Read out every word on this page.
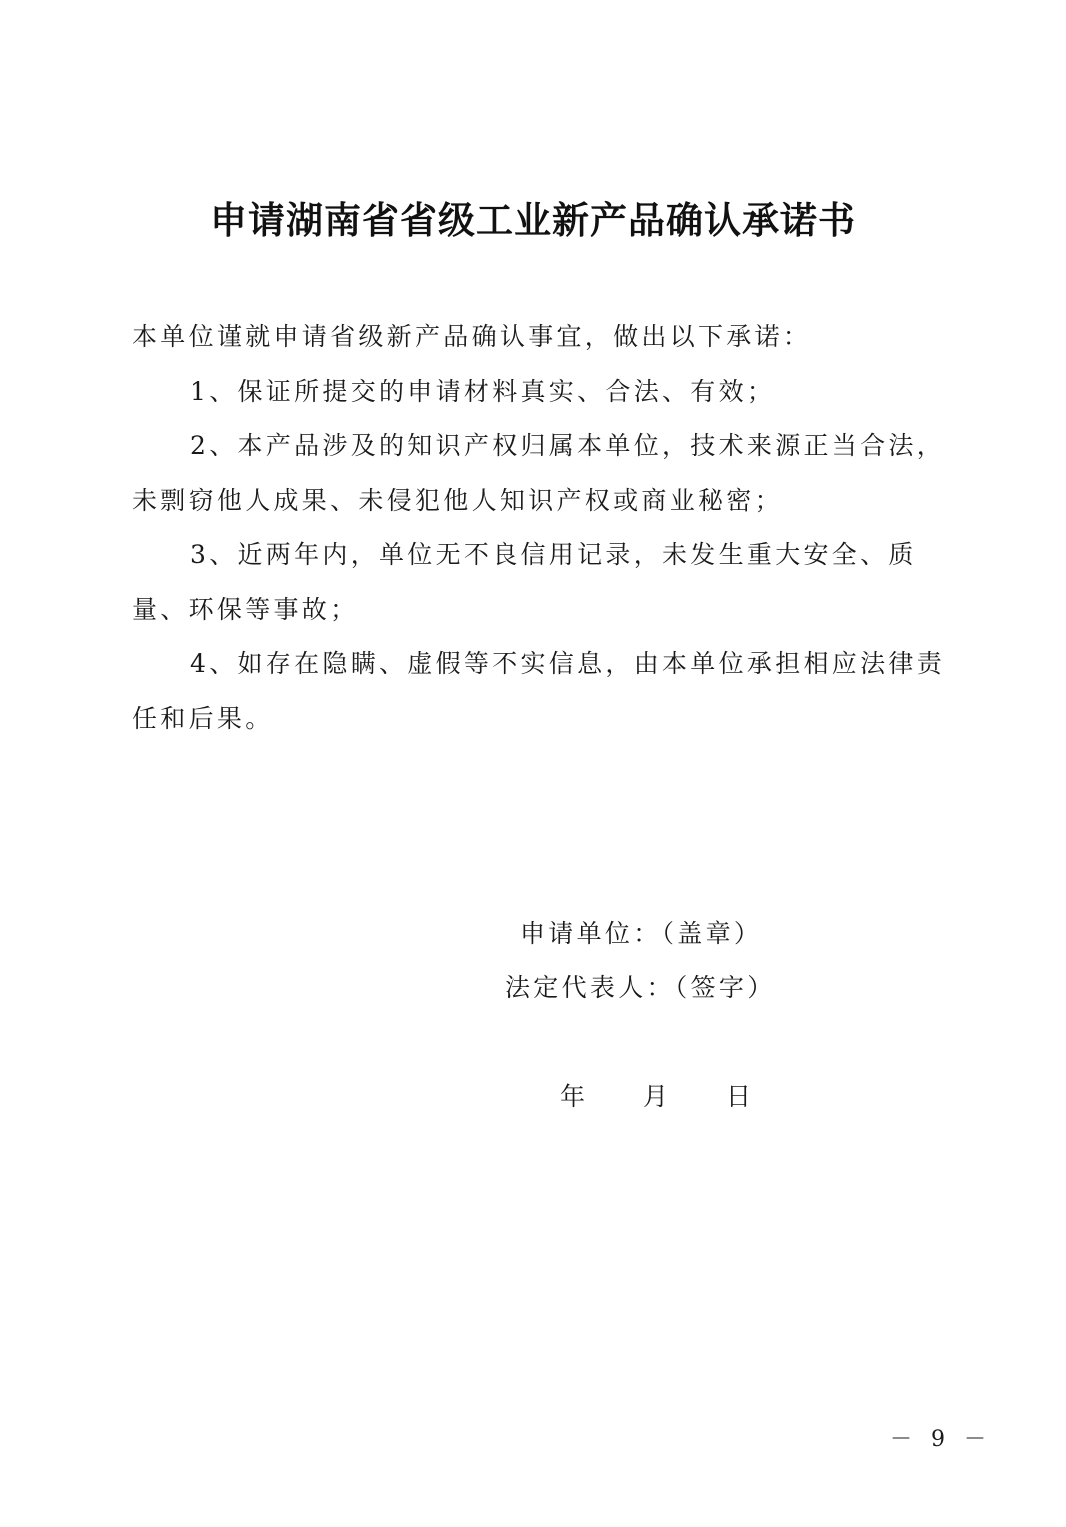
申请湖南省省级工业新产品确认承诺书

本单位谨就申请省级新产品确认事宜，做出以下承诺：

1、保证所提交的申请材料真实、合法、有效；

2、本产品涉及的知识产权归属本单位，技术来源正当合法，未剽窃他人成果、未侵犯他人知识产权或商业秘密；

3、近两年内，单位无不良信用记录，未发生重大安全、质量、环保等事故；

4、如存在隐瞒、虚假等不实信息，由本单位承担相应法律责任和后果。

申请单位：（盖章）
法定代表人：（签字）
年 月 日
－ 9 －
